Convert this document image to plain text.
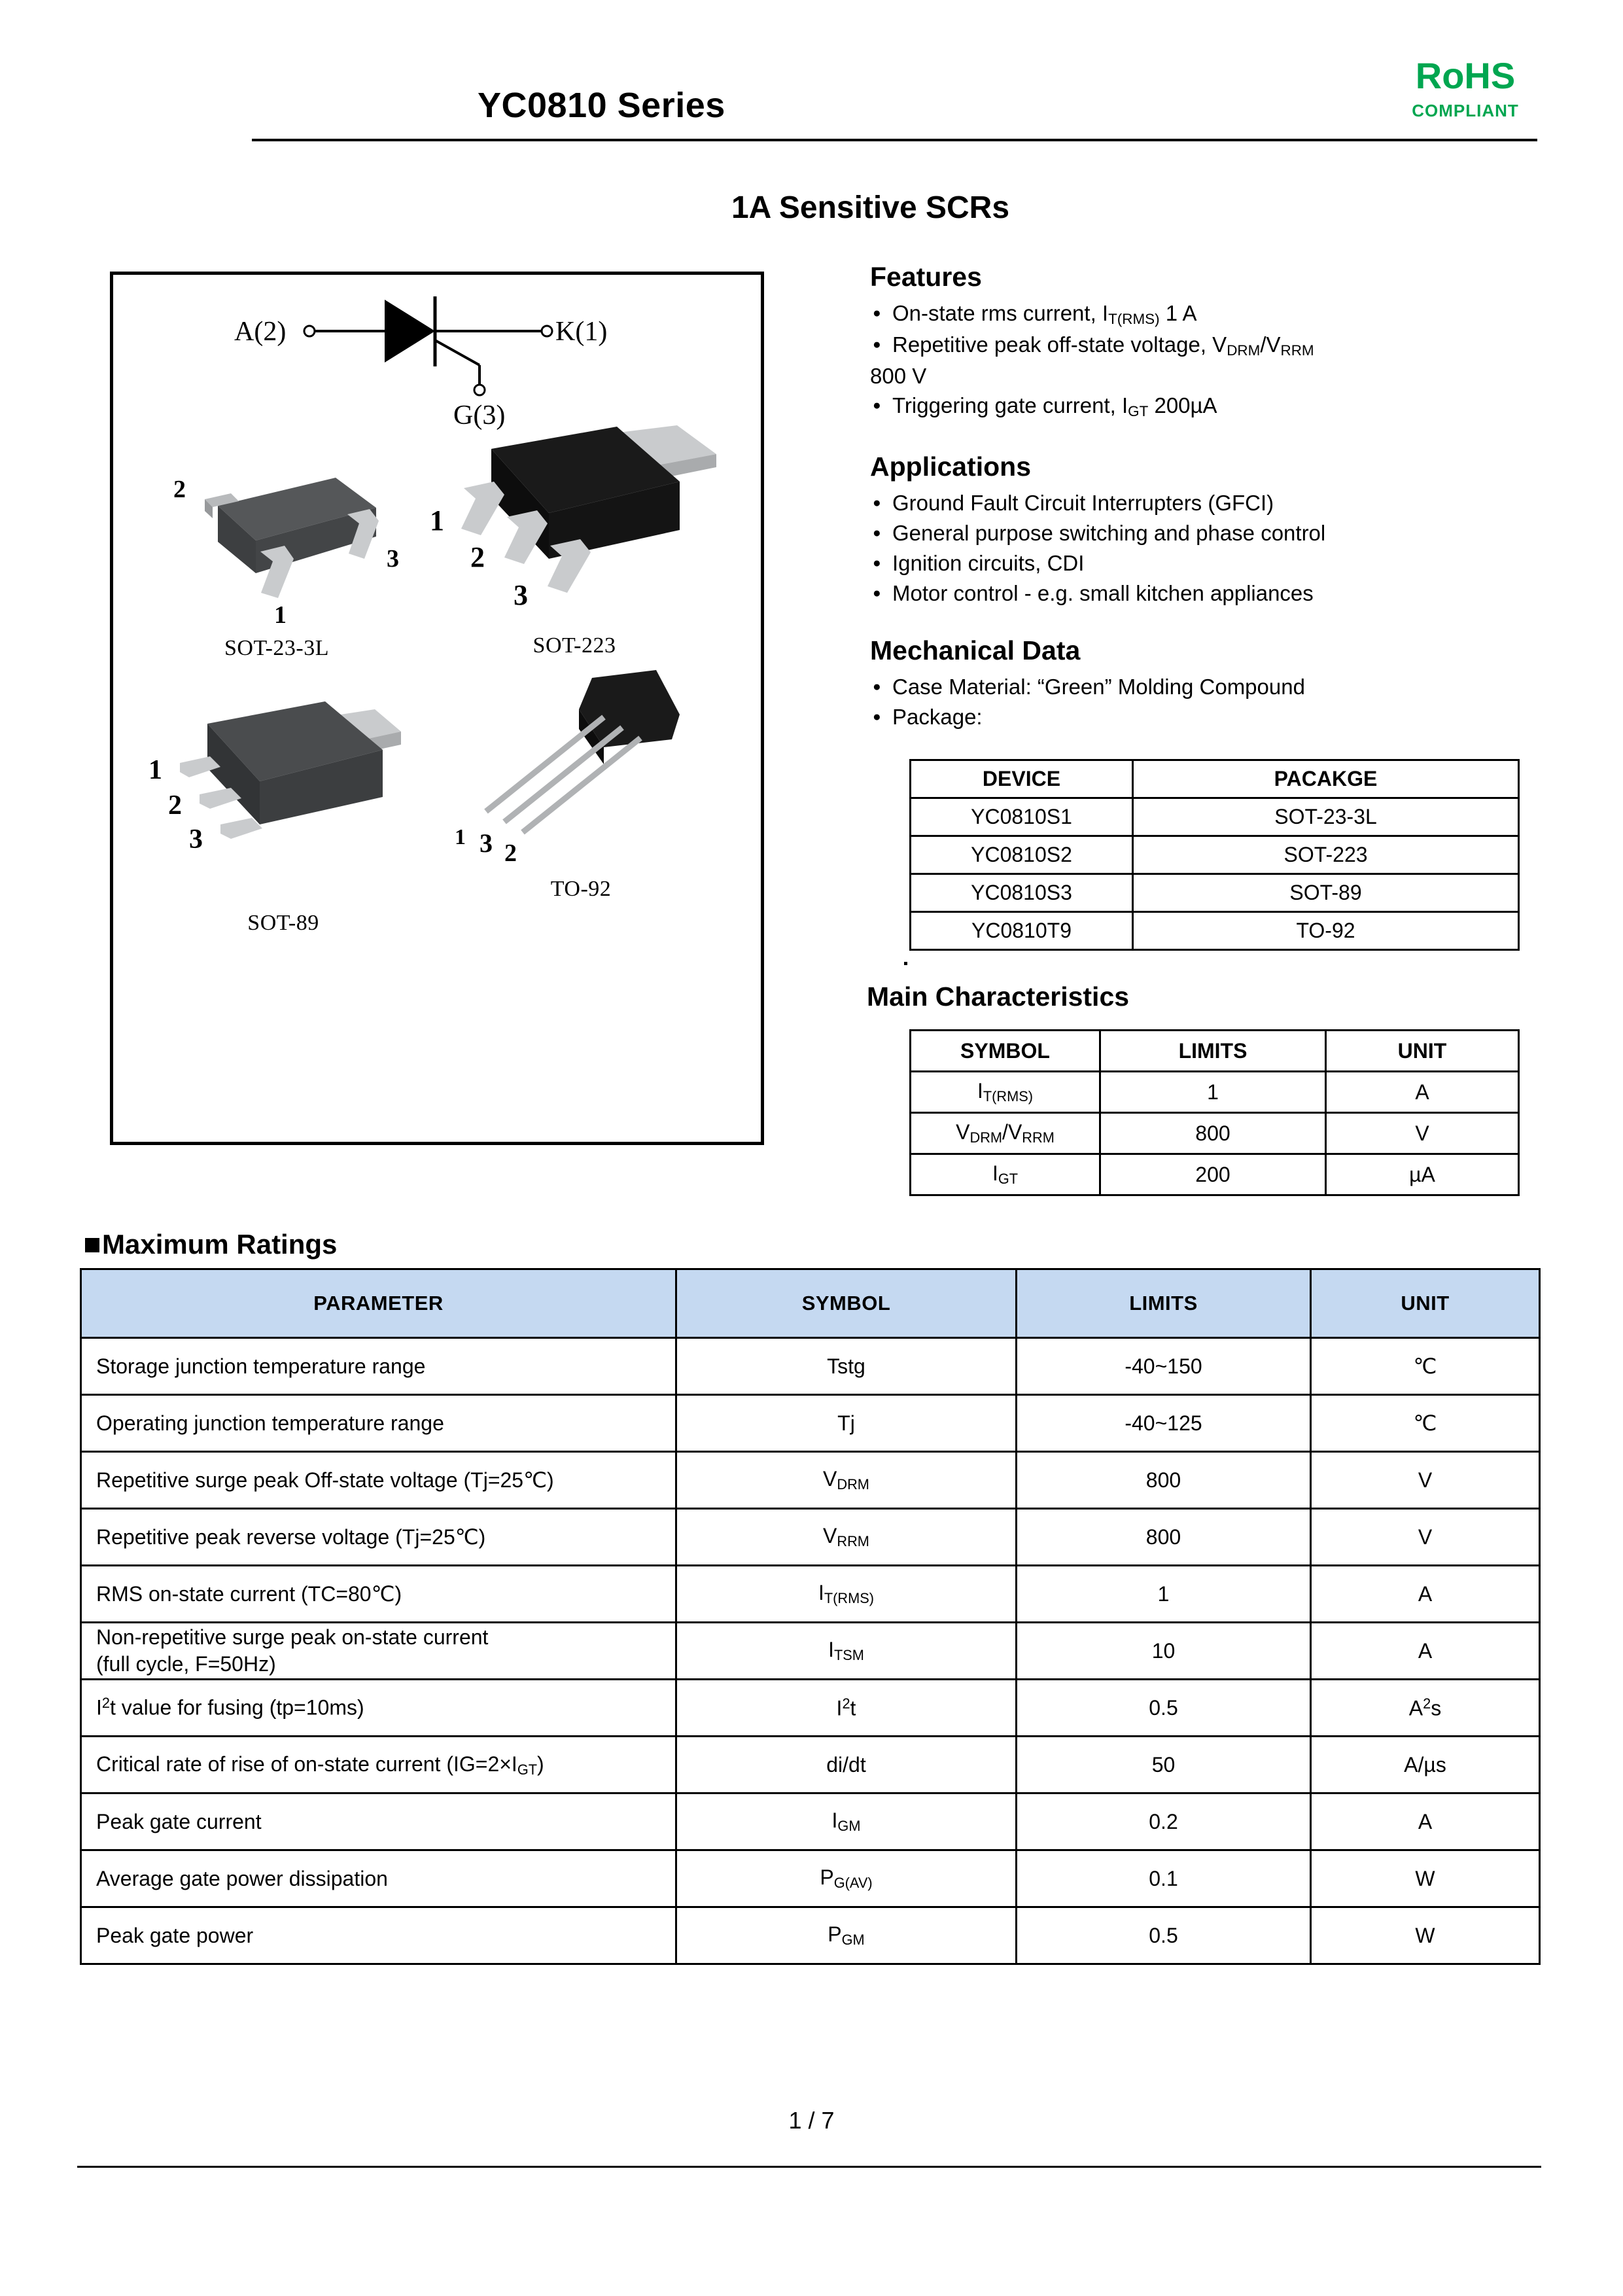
YC0810 Series
RoHS
COMPLIANT
1A Sensitive SCRs
A(2)	K(1)
G(3)
2
3
1
SOT-23-3L
1
2
3
SOT-223
1
2
3
SOT-89
1 3 2
TO-92
Features
● On-state rms current, $I_{T(RMS)}$ 1 A
● Repetitive peak off-state voltage, $V_{DRM}/V_{RRM}$
800 V
● Triggering gate current, $I_{GT}$ 200µA
Applications
● Ground Fault Circuit Interrupters (GFCI)
● General purpose switching and phase control
● Ignition circuits, CDI
● Motor control - e.g. small kitchen appliances
Mechanical Data
● Case Material: “Green” Molding Compound
● Package:
DEVICE	PACAKGE
YC0810S1	SOT-23-3L
YC0810S2	SOT-223
YC0810S3	SOT-89
YC0810T9	TO-92
Main Characteristics
SYMBOL	LIMITS	UNIT
$I_{T(RMS)}$	1	A
$V_{DRM}/V_{RRM}$	800	V
$I_{GT}$	200	µA
Maximum Ratings
PARAMETER	SYMBOL	LIMITS	UNIT
Storage junction temperature range	Tstg	-40~150	℃
Operating junction temperature range	Tj	-40~125	℃
Repetitive surge peak Off-state voltage (Tj=25℃)	$V_{DRM}$	800	V
Repetitive peak reverse voltage (Tj=25℃)	$V_{RRM}$	800	V
RMS on-state current (TC=80℃)	$I_{T(RMS)}$	1	A
Non-repetitive surge peak on-state current
(full cycle, F=50Hz)	$I_{TSM}$	10	A
$I^2t$ value for fusing (tp=10ms)	$I^2t$	0.5	$A^2s$
Critical rate of rise of on-state current $(IG=2\times I_{GT})$	di/dt	50	A/µs
Peak gate current	$I_{GM}$	0.2	A
Average gate power dissipation	$P_{G(AV)}$	0.1	W
Peak gate power	$P_{GM}$	0.5	W
1 / 7
